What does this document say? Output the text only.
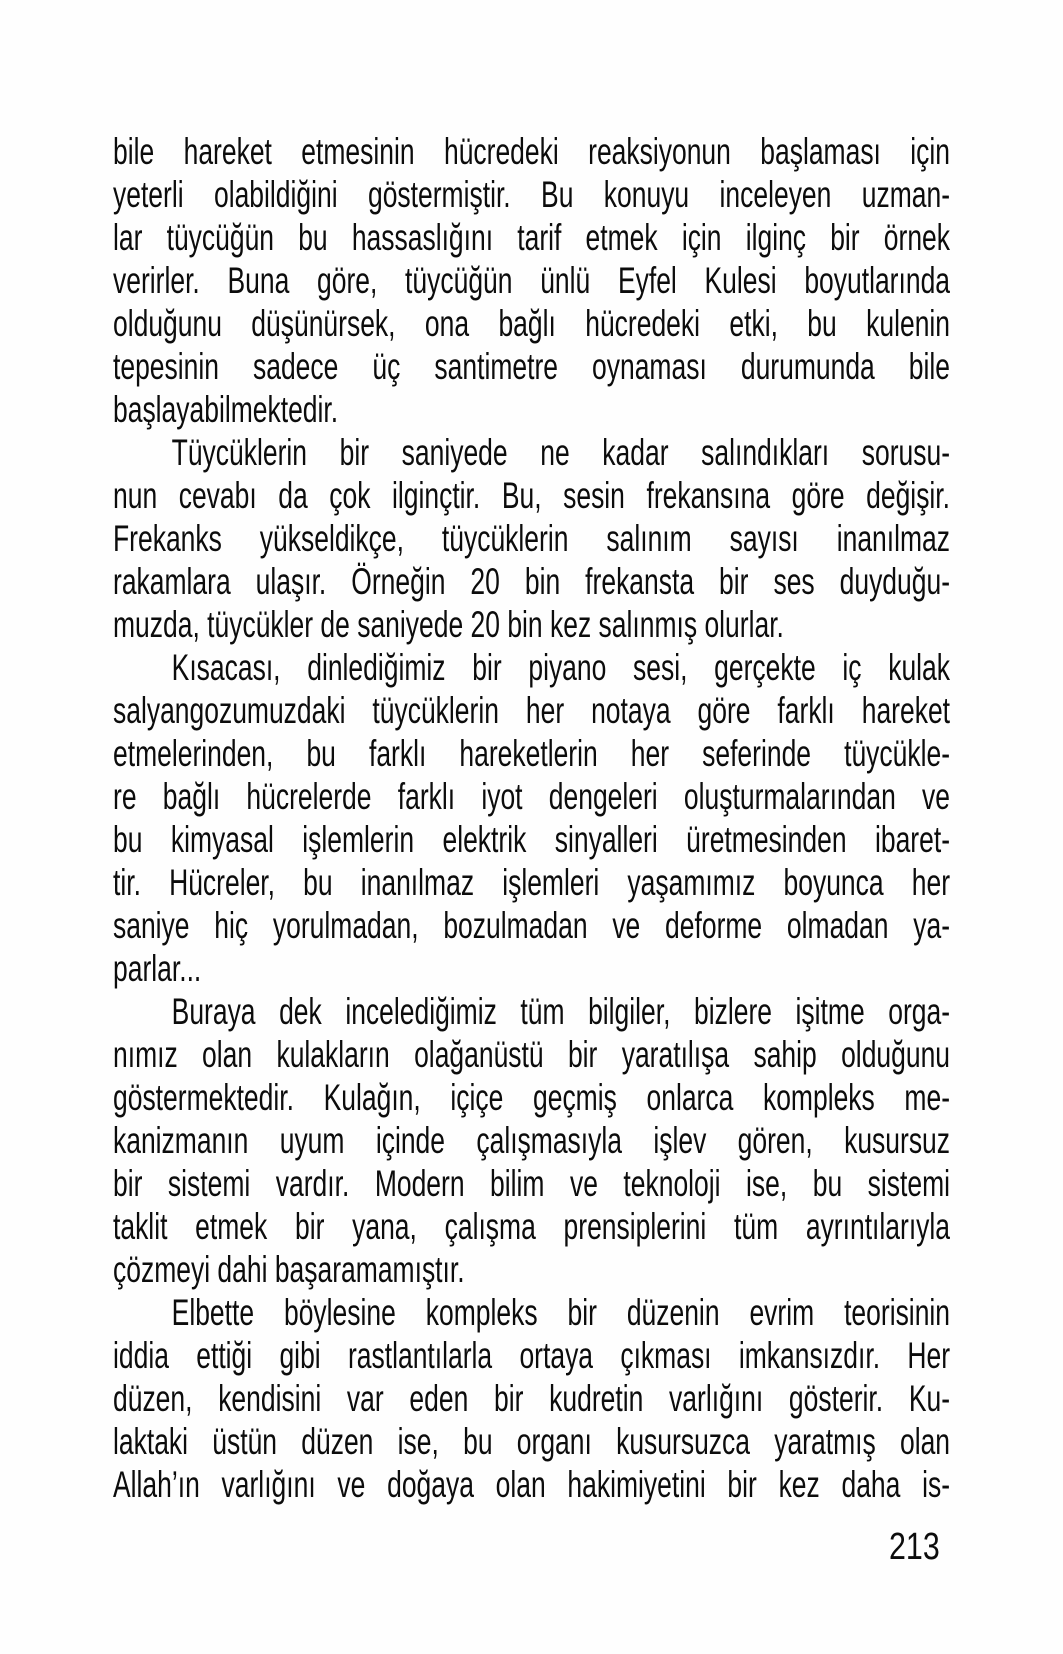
bile hareket etmesinin hücredeki reaksiyonun başlaması için
yeterli olabildiğini göstermiştir. Bu konuyu inceleyen uzman-
lar tüycüğün bu hassaslığını tarif etmek için ilginç bir örnek
verirler. Buna göre, tüycüğün ünlü Eyfel Kulesi boyutlarında
olduğunu düşünürsek, ona bağlı hücredeki etki, bu kulenin
tepesinin sadece üç santimetre oynaması durumunda bile
başlayabilmektedir.

Tüycüklerin bir saniyede ne kadar salındıkları sorusu-
nun cevabı da çok ilginçtir. Bu, sesin frekansına göre değişir.
Frekanks yükseldikçe, tüycüklerin salınım sayısı inanılmaz
rakamlara ulaşır. Örneğin 20 bin frekansta bir ses duyduğu-
muzda, tüycükler de saniyede 20 bin kez salınmış olurlar.

Kısacası, dinlediğimiz bir piyano sesi, gerçekte iç kulak
salyangozumuzdaki tüycüklerin her notaya göre farklı hareket
etmelerinden, bu farklı hareketlerin her seferinde tüycükle-
re bağlı hücrelerde farklı iyot dengeleri oluşturmalarından ve
bu kimyasal işlemlerin elektrik sinyalleri üretmesinden ibaret-
tir. Hücreler, bu inanılmaz işlemleri yaşamımız boyunca her
saniye hiç yorulmadan, bozulmadan ve deforme olmadan ya-
parlar...

Buraya dek incelediğimiz tüm bilgiler, bizlere işitme orga-
nımız olan kulakların olağanüstü bir yaratılışa sahip olduğunu
göstermektedir. Kulağın, içiçe geçmiş onlarca kompleks me-
kanizmanın uyum içinde çalışmasıyla işlev gören, kusursuz
bir sistemi vardır. Modern bilim ve teknoloji ise, bu sistemi
taklit etmek bir yana, çalışma prensiplerini tüm ayrıntılarıyla
çözmeyi dahi başaramamıştır.

Elbette böylesine kompleks bir düzenin evrim teorisinin
iddia ettiği gibi rastlantılarla ortaya çıkması imkansızdır. Her
düzen, kendisini var eden bir kudretin varlığını gösterir. Ku-
laktaki üstün düzen ise, bu organı kusursuzca yaratmış olan
Allah’ın varlığını ve doğaya olan hakimiyetini bir kez daha is-

213
